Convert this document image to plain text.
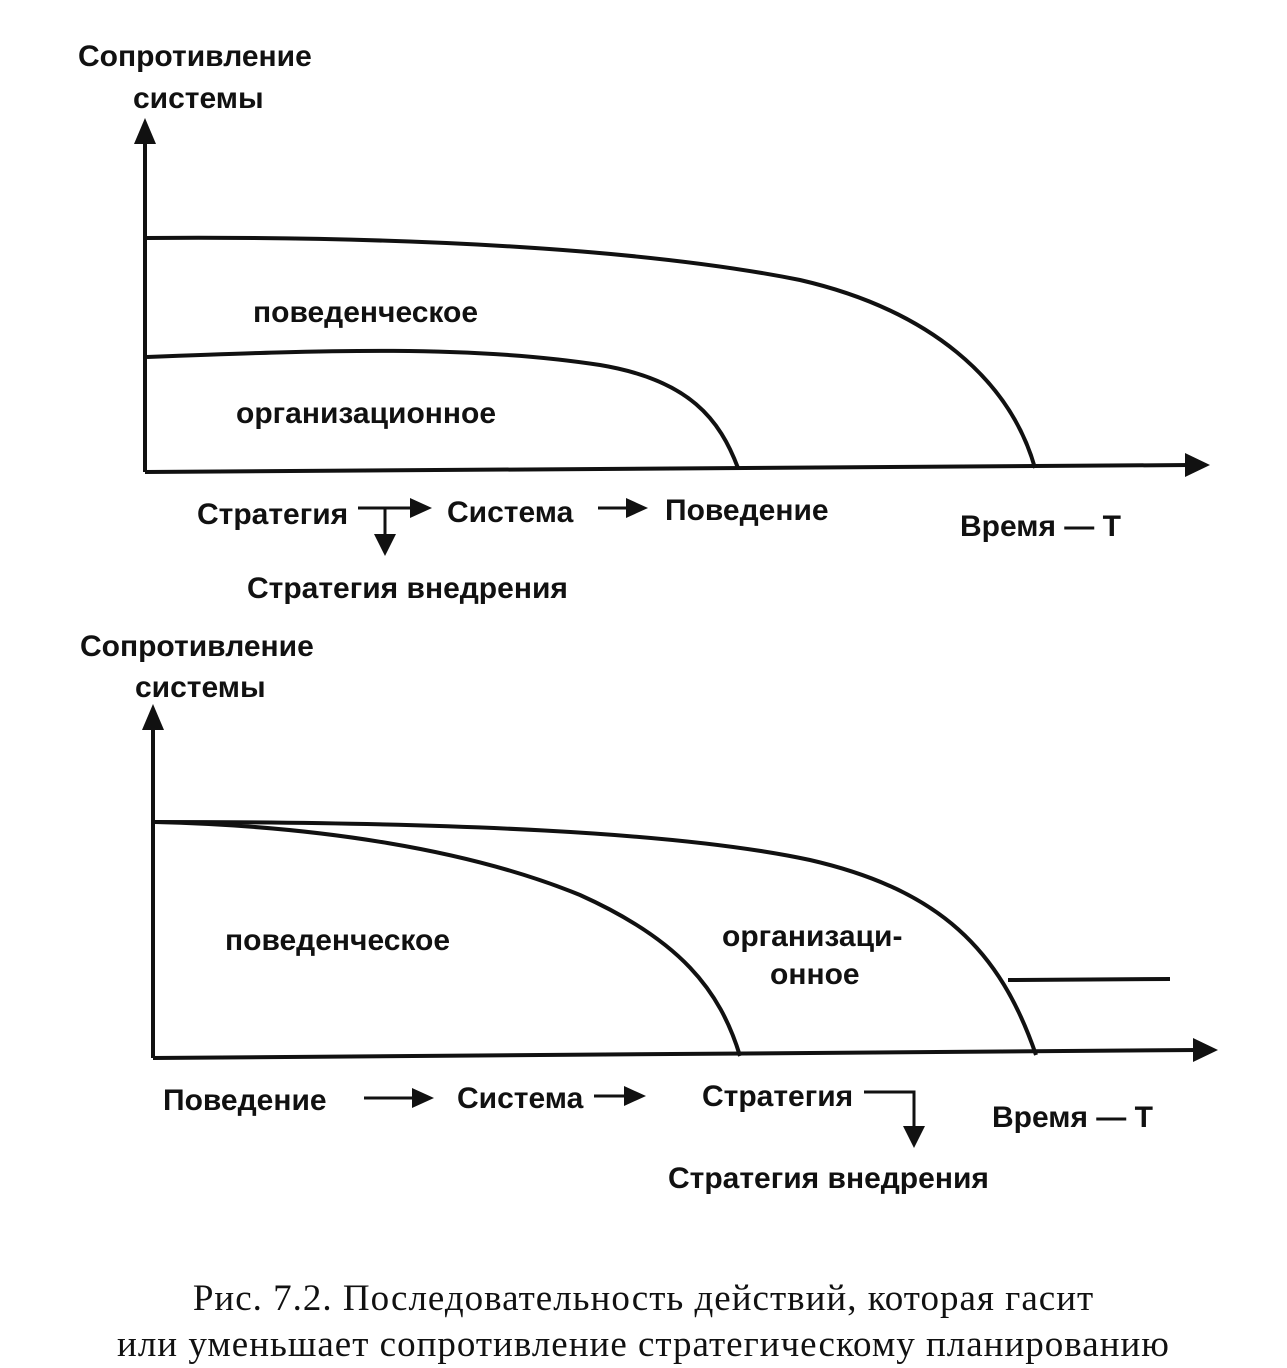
Сопротивление
системы
поведенческое
организационное
Стратегия	Система	Поведение
Стратегия внедрения
Время — Т
Сопротивление
системы
поведенческое	организаци-
онное
Поведение	Система	Стратегия
Стратегия внедрения
Время — Т
Рис. 7.2. Последовательность действий, которая гасит
или уменьшает сопротивление стратегическому планированию
